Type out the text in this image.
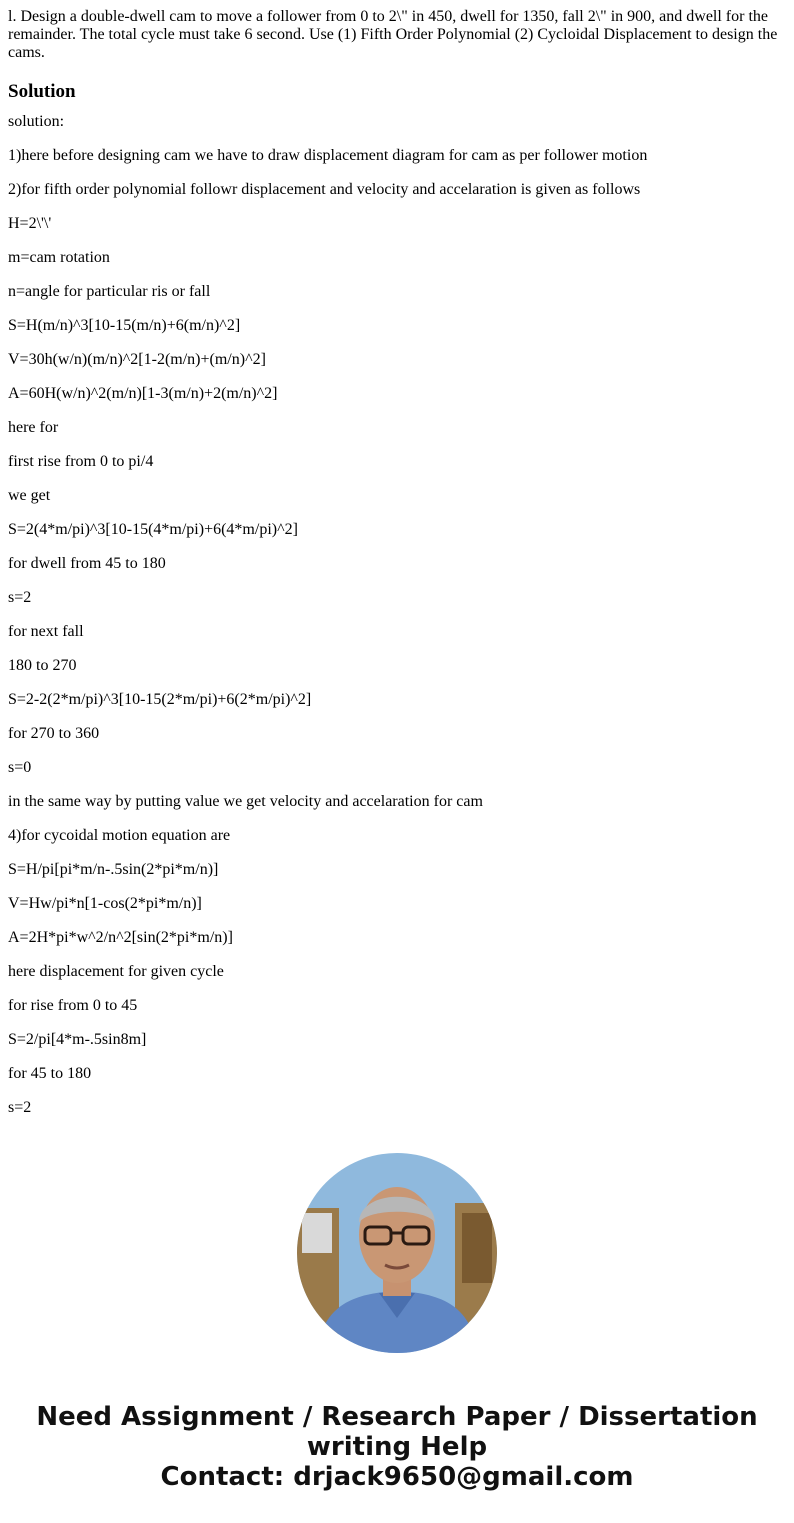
l. Design a double-dwell cam to move a follower from 0 to 2\" in 450, dwell for 1350, fall 2\" in 900, and dwell for the remainder. The total cycle must take 6 second. Use (1) Fifth Order Polynomial (2) Cycloidal Displacement to design the cams.

Solution

solution:

1)here before designing cam we have to draw displacement diagram for cam as per follower motion

2)for fifth order polynomial followr displacement and velocity and accelaration is given as follows

H=2\'\'

m=cam rotation

n=angle for particular ris or fall

S=H(m/n)^3[10-15(m/n)+6(m/n)^2]

V=30h(w/n)(m/n)^2[1-2(m/n)+(m/n)^2]

A=60H(w/n)^2(m/n)[1-3(m/n)+2(m/n)^2]

here for

first rise from 0 to pi/4

we get

S=2(4*m/pi)^3[10-15(4*m/pi)+6(4*m/pi)^2]

for dwell from 45 to 180

s=2

for next fall

180 to 270

S=2-2(2*m/pi)^3[10-15(2*m/pi)+6(2*m/pi)^2]

for 270 to 360

s=0

in the same way by putting value we get velocity and accelaration for cam

4)for cycoidal motion equation are

S=H/pi[pi*m/n-.5sin(2*pi*m/n)]

V=Hw/pi*n[1-cos(2*pi*m/n)]

A=2H*pi*w^2/n^2[sin(2*pi*m/n)]

here displacement for given cycle

for rise from 0 to 45

S=2/pi[4*m-.5sin8m]

for 45 to 180

s=2

Need Assignment / Research Paper / Dissertation
writing Help
Contact: drjack9650@gmail.com
